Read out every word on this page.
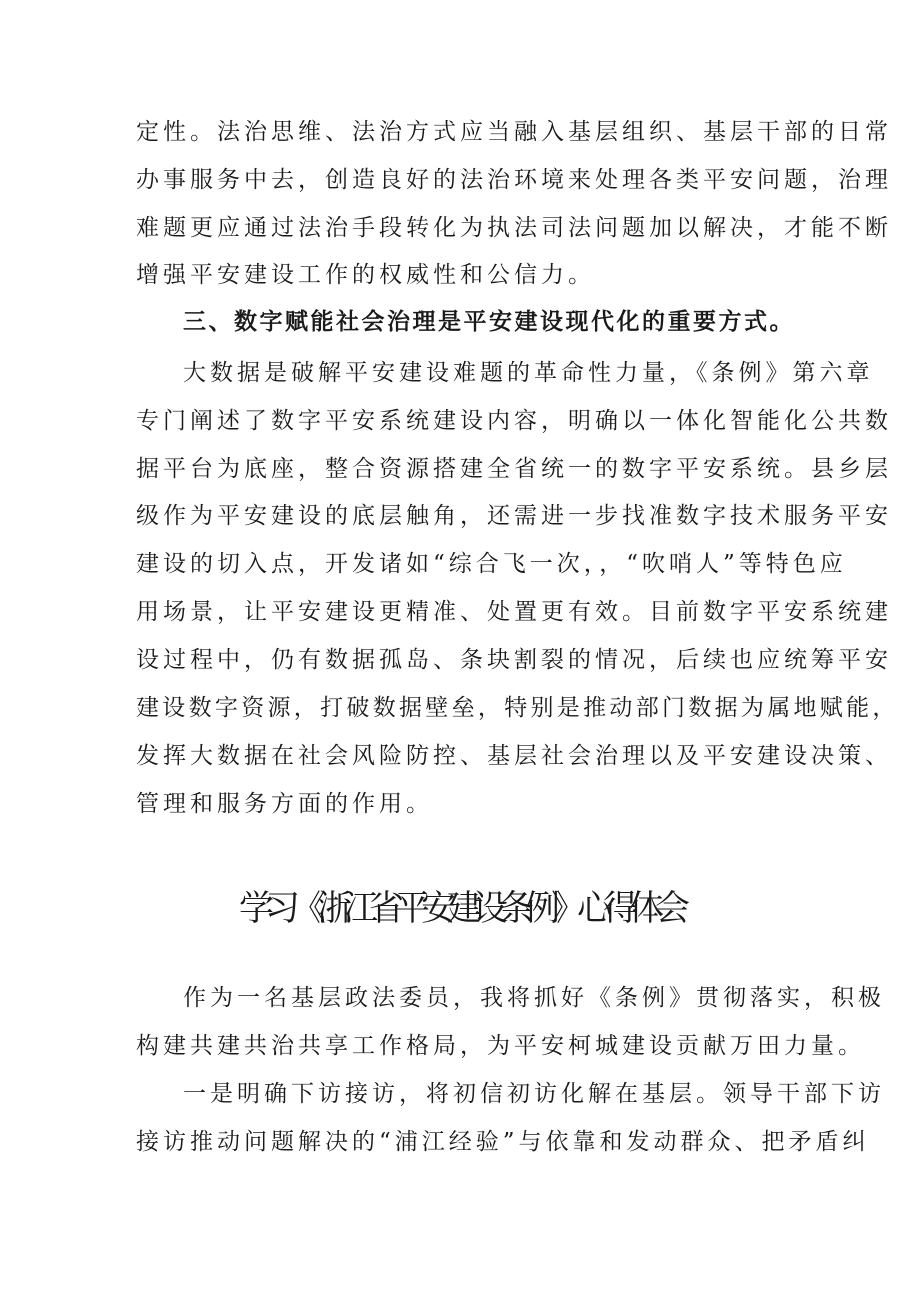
定性。法治思维、法治方式应当融入基层组织、基层干部的日常
办事服务中去，创造良好的法治环境来处理各类平安问题，治理
难题更应通过法治手段转化为执法司法问题加以解决，才能不断
增强平安建设工作的权威性和公信力。
三、数字赋能社会治理是平安建设现代化的重要方式。
大数据是破解平安建设难题的革命性力量，《条例》第六章
专门阐述了数字平安系统建设内容，明确以一体化智能化公共数
据平台为底座，整合资源搭建全省统一的数字平安系统。县乡层
级作为平安建设的底层触角，还需进一步找准数字技术服务平安
建设的切入点，开发诸如“综合飞一次，，“吹哨人”等特色应
用场景，让平安建设更精准、处置更有效。目前数字平安系统建
设过程中，仍有数据孤岛、条块割裂的情况，后续也应统筹平安
建设数字资源，打破数据壁垒，特别是推动部门数据为属地赋能，
发挥大数据在社会风险防控、基层社会治理以及平安建设决策、
管理和服务方面的作用。
学习《浙江省平安建设条例》心得体会
作为一名基层政法委员，我将抓好《条例》贯彻落实，积极
构建共建共治共享工作格局，为平安柯城建设贡献万田力量。
一是明确下访接访，将初信初访化解在基层。领导干部下访
接访推动问题解决的“浦江经验”与依靠和发动群众、把矛盾纠
